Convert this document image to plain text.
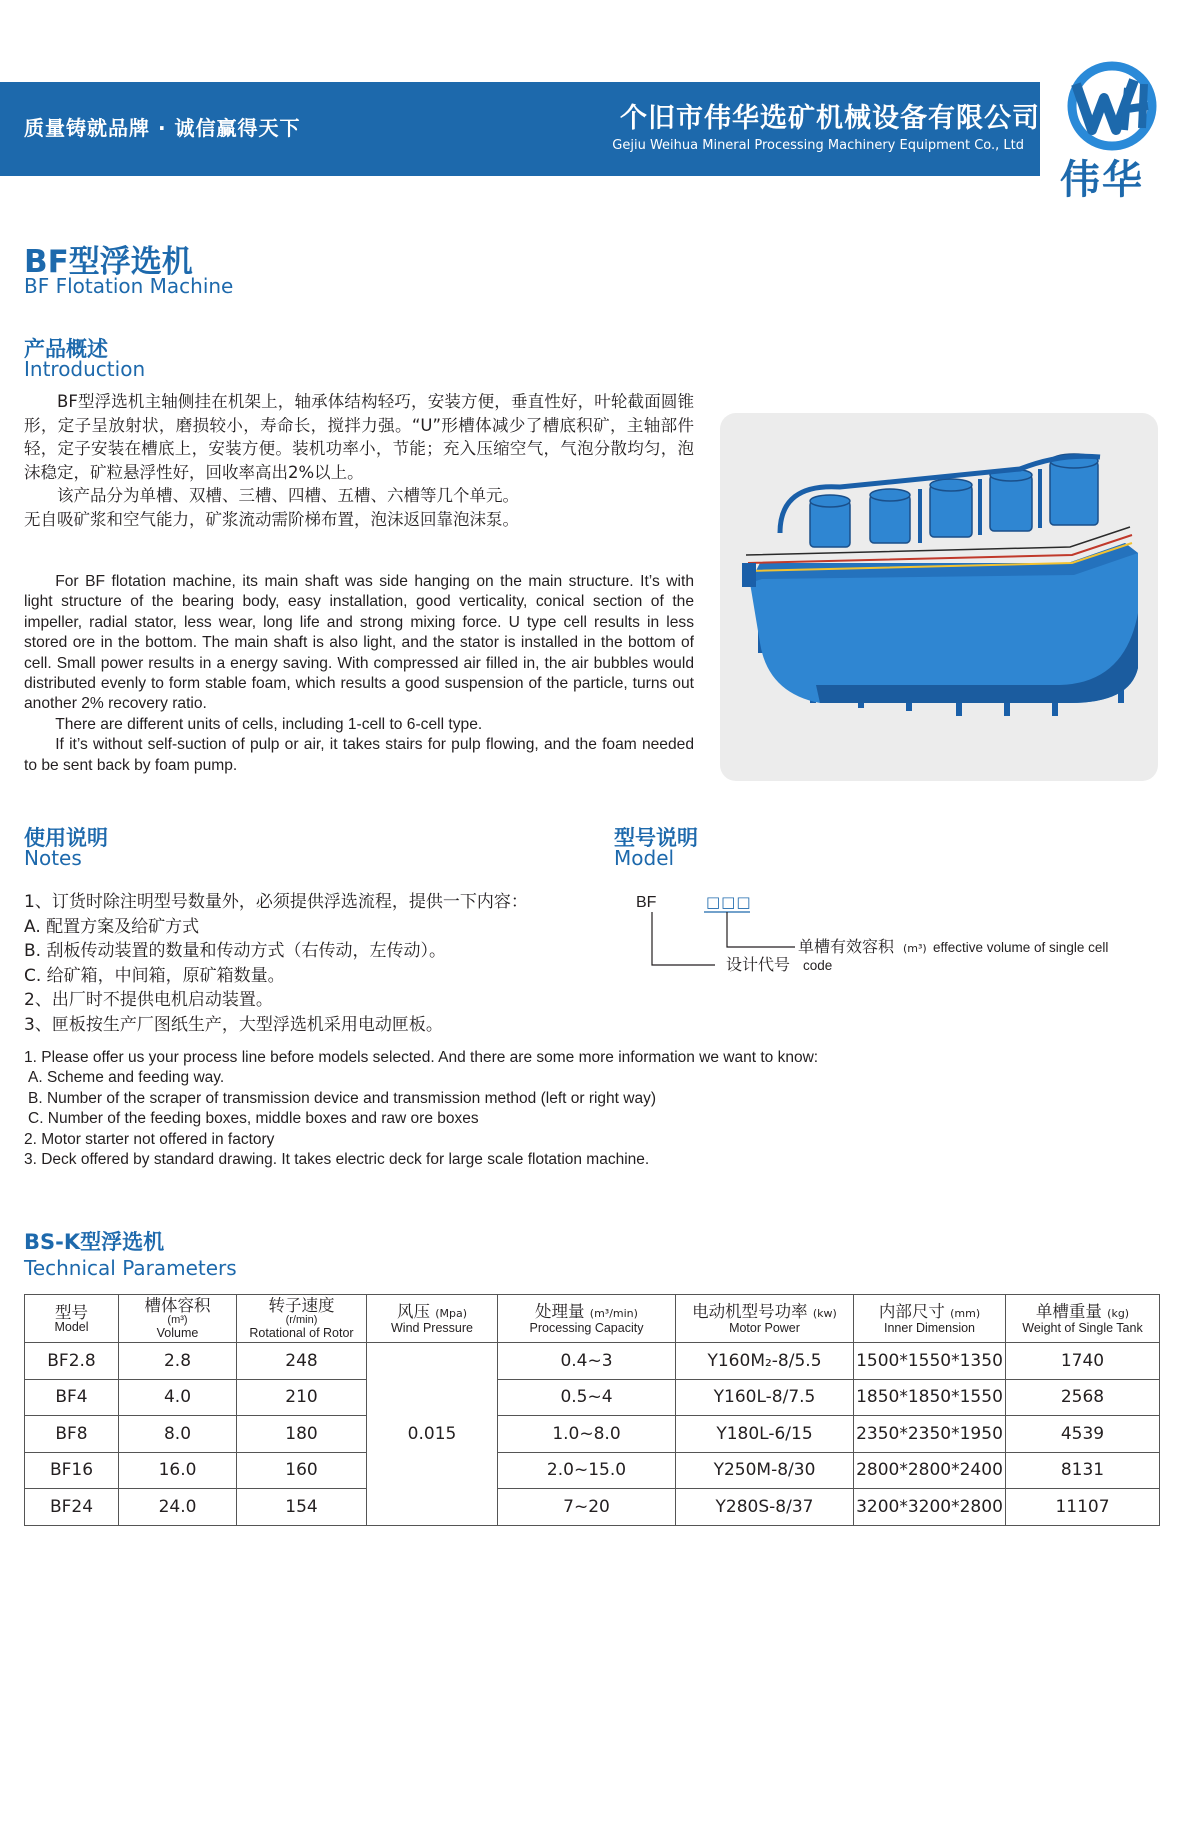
质量铸就品牌 · 诚信赢得天下	个旧市伟华选矿机械设备有限公司
Gejiu Weihua Mineral Processing Machinery Equipment Co., Ltd
伟华
BF型浮选机
BF Flotation Machine
产品概述
Introduction

BF型浮选机主轴侧挂在机架上，轴承体结构轻巧，安装方便，垂直性好，叶轮截面圆锥形，定子呈放射状，磨损较小，寿命长，搅拌力强。“U”形槽体减少了槽底积矿，主轴部件轻，定子安装在槽底上，安装方便。装机功率小，节能；充入压缩空气，气泡分散均匀，泡沫稳定，矿粒悬浮性好，回收率高出2%以上。

该产品分为单槽、双槽、三槽、四槽、五槽、六槽等几个单元。

无自吸矿浆和空气能力，矿浆流动需阶梯布置，泡沫返回靠泡沫泵。

For BF flotation machine, its main shaft was side hanging on the main structure. It’s with light structure of the bearing body, easy installation, good verticality, conical section of the impeller, radial stator, less wear, long life and strong mixing force. U type cell results in less stored ore in the bottom. The main shaft is also light, and the stator is installed in the bottom of cell. Small power results in a energy saving. With compressed air filled in, the air bubbles would distributed evenly to form stable foam, which results a good suspension of the particle, turns out another 2% recovery ratio.

There are different units of cells, including 1-cell to 6-cell type.

If it’s without self-suction of pulp or air, it takes stairs for pulp flowing, and the foam needed to be sent back by foam pump.

使用说明
Notes
1、订货时除注明型号数量外，必须提供浮选流程，提供一下内容：
A. 配置方案及给矿方式
B. 刮板传动装置的数量和传动方式（右传动，左传动）。
C. 给矿箱，中间箱，原矿箱数量。
2、出厂时不提供电机启动装置。
3、匣板按生产厂图纸生产，大型浮选机采用电动匣板。
1. Please offer us your process line before models selected. And there are some more information we want to know:
A. Scheme and feeding way.
B. Number of the scraper of transmission device and transmission method (left or right way)
C. Number of the feeding boxes, middle boxes and raw ore boxes
2. Motor starter not offered in factory
3. Deck offered by standard drawing. It takes electric deck for large scale flotation machine.
型号说明
Model
BF	□□□
单槽有效容积 (m³) effective volume of single cell
设计代号 code
BS-K型浮选机
Technical Parameters
型号
Model	槽体容积
(m³)
Volume	转子速度
(r/min)
Rotational of Rotor	风压 (Mpa)
Wind Pressure	处理量 (m³/min)
Processing Capacity	电动机型号功率 (kw)
Motor Power	内部尺寸 (mm)
Inner Dimension	单槽重量 (kg)
Weight of Single Tank

BF2.8	2.8	248	0.015	0.4~3	Y160M₂-8/5.5	1500*1550*1350	1740
BF4	4.0	210		0.5~4	Y160L-8/7.5	1850*1850*1550	2568
BF8	8.0	180		1.0~8.0	Y180L-6/15	2350*2350*1950	4539
BF16	16.0	160		2.0~15.0	Y250M-8/30	2800*2800*2400	8131
BF24	24.0	154		7~20	Y280S-8/37	3200*3200*2800	11107
